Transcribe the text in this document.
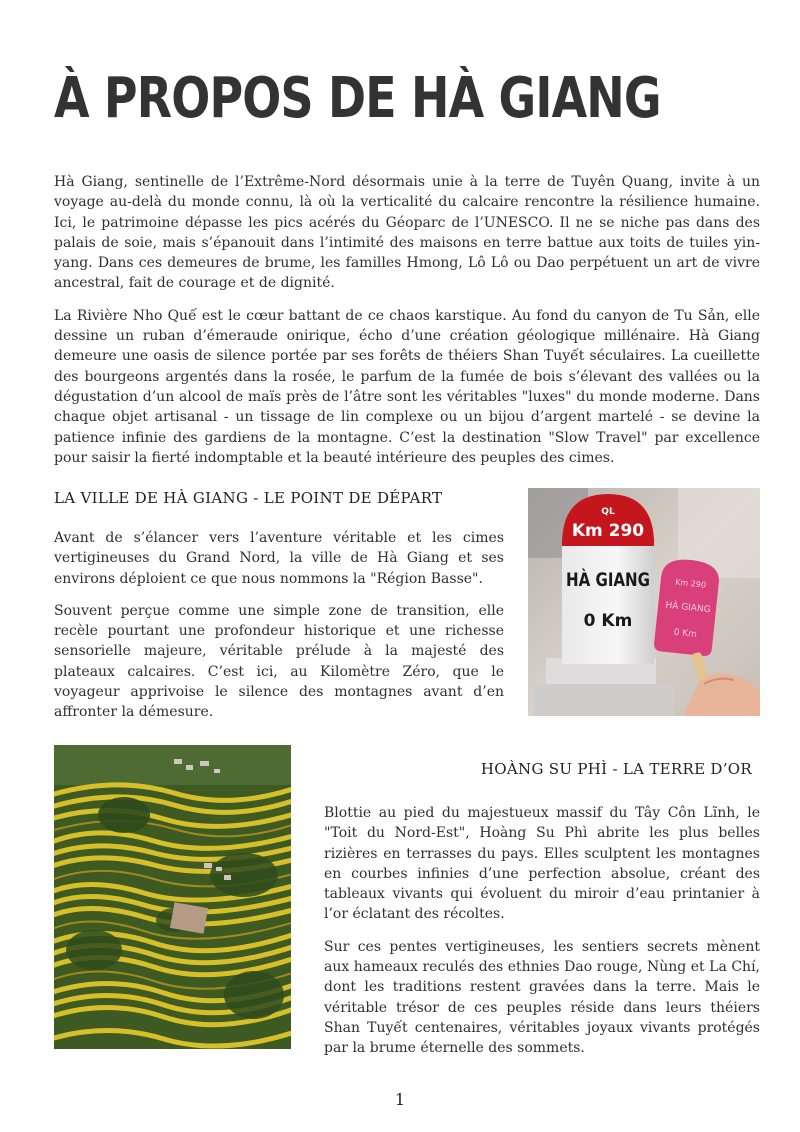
À PROPOS DE HÀ GIANG

Hà Giang, sentinelle de l’Extrême-Nord désormais unie à la terre de Tuyên Quang, invite à un voyage au-delà du monde connu, là où la verticalité du calcaire rencontre la résilience humaine. Ici, le patrimoine dépasse les pics acérés du Géoparc de l’UNESCO. Il ne se niche pas dans des palais de soie, mais s’épanouit dans l’intimité des maisons en terre battue aux toits de tuiles yin-yang. Dans ces demeures de brume, les familles Hmong, Lô Lô ou Dao perpétuent un art de vivre ancestral, fait de courage et de dignité.

La Rivière Nho Quế est le cœur battant de ce chaos karstique. Au fond du canyon de Tu Sản, elle dessine un ruban d’émeraude onirique, écho d’une création géologique millénaire. Hà Giang demeure une oasis de silence portée par ses forêts de théiers Shan Tuyết séculaires. La cueillette des bourgeons argentés dans la rosée, le parfum de la fumée de bois s’élevant des vallées ou la dégustation d’un alcool de maïs près de l’âtre sont les véritables "luxes" du monde moderne. Dans chaque objet artisanal - un tissage de lin complexe ou un bijou d’argent martelé - se devine la patience infinie des gardiens de la montagne. C’est la destination "Slow Travel" par excellence pour saisir la fierté indomptable et la beauté intérieure des peuples des cimes.

LA VILLE DE HÀ GIANG - LE POINT DE DÉPART

Avant de s’élancer vers l’aventure véritable et les cimes vertigineuses du Grand Nord, la ville de Hà Giang et ses environs déploient ce que nous nommons la "Région Basse".

Souvent perçue comme une simple zone de transition, elle recèle pourtant une profondeur historique et une richesse sensorielle majeure, véritable prélude à la majesté des plateaux calcaires. C’est ici, au Kilomètre Zéro, que le voyageur apprivoise le silence des montagnes avant d’en affronter la démesure.

QL
Km 290
HÀ GIANG
0 Km
Km 290
HÀ GIANG
0 Km
HOÀNG SU PHÌ - LA TERRE D’OR

Blottie au pied du majestueux massif du Tây Côn Lĩnh, le "Toit du Nord-Est", Hoàng Su Phì abrite les plus belles rizières en terrasses du pays. Elles sculptent les montagnes en courbes infinies d’une perfection absolue, créant des tableaux vivants qui évoluent du miroir d’eau printanier à l’or éclatant des récoltes.

Sur ces pentes vertigineuses, les sentiers secrets mènent aux hameaux reculés des ethnies Dao rouge, Nùng et La Chí, dont les traditions restent gravées dans la terre. Mais le véritable trésor de ces peuples réside dans leurs théiers Shan Tuyết centenaires, véritables joyaux vivants protégés par la brume éternelle des sommets.

1
